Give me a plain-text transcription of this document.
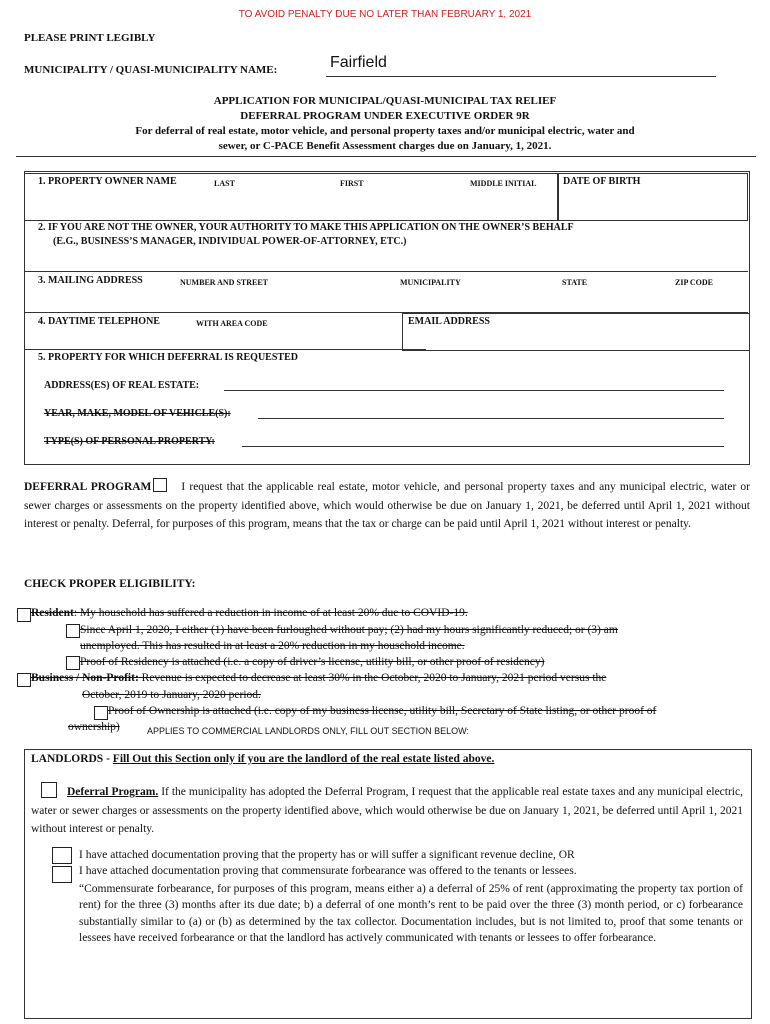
TO AVOID PENALTY DUE NO LATER THAN FEBRUARY 1, 2021
PLEASE PRINT LEGIBLY
MUNICIPALITY / QUASI-MUNICIPALITY NAME:	Fairfield
APPLICATION FOR MUNICIPAL/QUASI-MUNICIPAL TAX RELIEF
DEFERRAL PROGRAM UNDER EXECUTIVE ORDER 9R
For deferral of real estate, motor vehicle, and personal property taxes and/or municipal electric, water and
sewer, or C-PACE Benefit Assessment charges due on January, 1, 2021.
1. PROPERTY OWNER NAME	LAST	FIRST	MIDDLE INITIAL	DATE OF BIRTH
2. IF YOU ARE NOT THE OWNER, YOUR AUTHORITY TO MAKE THIS APPLICATION ON THE OWNER’S BEHALF
(E.G., BUSINESS’S MANAGER, INDIVIDUAL POWER-OF-ATTORNEY, ETC.)
3. MAILING ADDRESS	NUMBER AND STREET	MUNICIPALITY	STATE	ZIP CODE
4. DAYTIME TELEPHONE	WITH AREA CODE	EMAIL ADDRESS
5. PROPERTY FOR WHICH DEFERRAL IS REQUESTED
ADDRESS(ES) OF REAL ESTATE:
YEAR, MAKE, MODEL OF VEHICLE(S):
TYPE(S) OF PERSONAL PROPERTY:
DEFERRAL PROGRAM	I request that the applicable real estate, motor vehicle, and personal property taxes and any municipal electric, water or sewer charges or assessments on the property identified above, which would otherwise be due on January 1, 2021, be deferred until April 1, 2021 without interest or penalty. Deferral, for purposes of this program, means that the tax or charge can be paid until April 1, 2021 without interest or penalty.
CHECK PROPER ELIGIBILITY:
Resident: My household has suffered a reduction in income of at least 20% due to COVID-19.
Since April 1, 2020, I either (1) have been furloughed without pay; (2) had my hours significantly reduced; or (3) am
unemployed. This has resulted in at least a 20% reduction in my household income.
Proof of Residency is attached (i.e. a copy of driver’s license, utility bill, or other proof of residency)
Business / Non-Profit: Revenue is expected to decrease at least 30% in the October, 2020 to January, 2021 period versus the
October, 2019 to January, 2020 period.
Proof of Ownership is attached (i.e. copy of my business license, utility bill, Secretary of State listing, or other proof of
ownership)	APPLIES TO COMMERCIAL LANDLORDS ONLY, FILL OUT SECTION BELOW:
LANDLORDS - Fill Out this Section only if you are the landlord of the real estate listed above.
Deferral Program. If the municipality has adopted the Deferral Program, I request that the applicable real estate taxes and any municipal electric, water or sewer charges or assessments on the property identified above, which would otherwise be due on January 1, 2021, be deferred until April 1, 2021 without interest or penalty.
I have attached documentation proving that the property has or will suffer a significant revenue decline, OR
I have attached documentation proving that commensurate forbearance was offered to the tenants or lessees.
“Commensurate forbearance, for purposes of this program, means either a) a deferral of 25% of rent (approximating the property tax portion of rent) for the three (3) months after its due date; b) a deferral of one month’s rent to be paid over the three (3) month period, or c) forbearance substantially similar to (a) or (b) as determined by the tax collector. Documentation includes, but is not limited to, proof that some tenants or lessees have received forbearance or that the landlord has actively communicated with tenants or lessees to offer forbearance.
